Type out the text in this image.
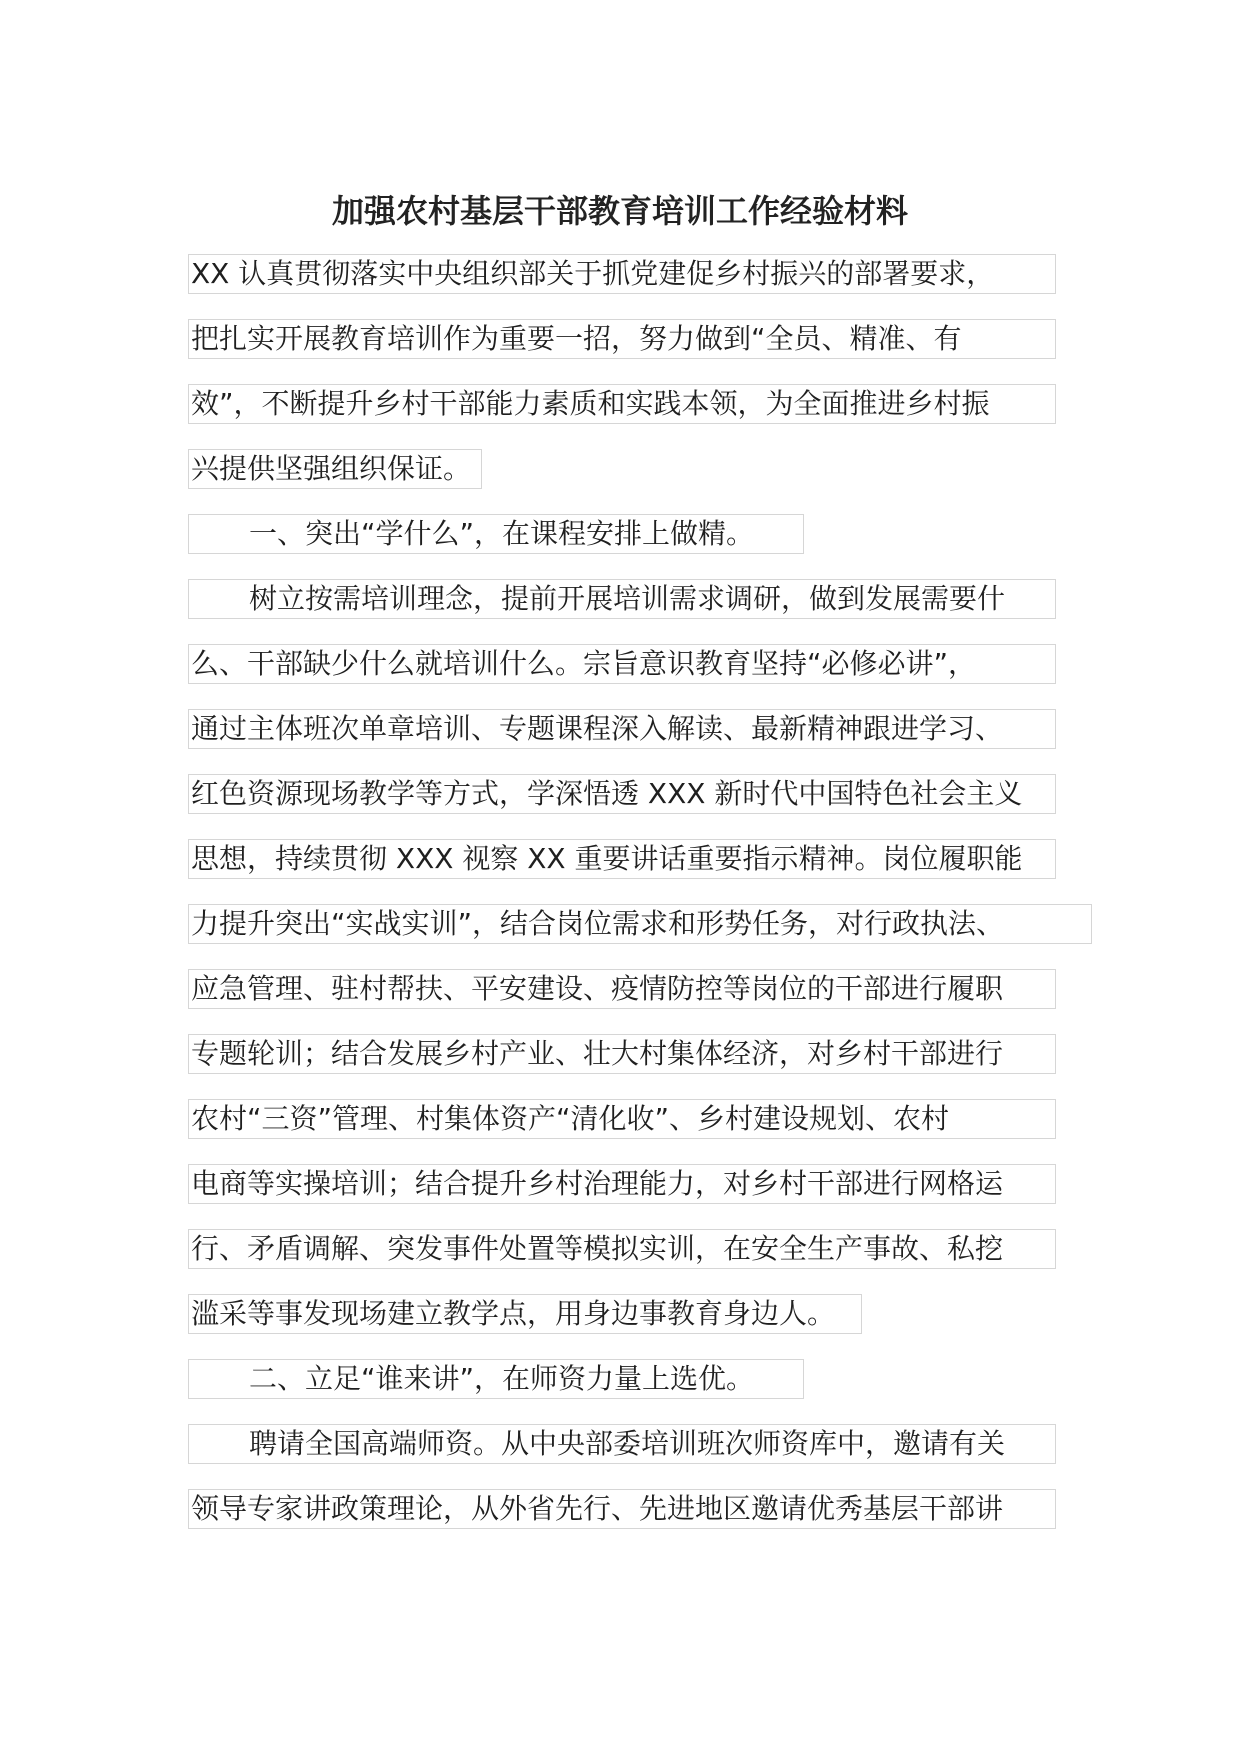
加强农村基层干部教育培训工作经验材料
XX 认真贯彻落实中央组织部关于抓党建促乡村振兴的部署要求，
把扎实开展教育培训作为重要一招，努力做到“全员、精准、有
效”，不断提升乡村干部能力素质和实践本领，为全面推进乡村振
兴提供坚强组织保证。
一、突出“学什么”，在课程安排上做精。
树立按需培训理念，提前开展培训需求调研，做到发展需要什
么、干部缺少什么就培训什么。宗旨意识教育坚持“必修必讲”，
通过主体班次单章培训、专题课程深入解读、最新精神跟进学习、
红色资源现场教学等方式，学深悟透 XXX 新时代中国特色社会主义
思想，持续贯彻 XXX 视察 XX 重要讲话重要指示精神。岗位履职能
力提升突出“实战实训”，结合岗位需求和形势任务，对行政执法、
应急管理、驻村帮扶、平安建设、疫情防控等岗位的干部进行履职
专题轮训；结合发展乡村产业、壮大村集体经济，对乡村干部进行
农村“三资”管理、村集体资产“清化收”、乡村建设规划、农村
电商等实操培训；结合提升乡村治理能力，对乡村干部进行网格运
行、矛盾调解、突发事件处置等模拟实训，在安全生产事故、私挖
滥采等事发现场建立教学点，用身边事教育身边人。
二、立足“谁来讲”，在师资力量上选优。
聘请全国高端师资。从中央部委培训班次师资库中，邀请有关
领导专家讲政策理论，从外省先行、先进地区邀请优秀基层干部讲
